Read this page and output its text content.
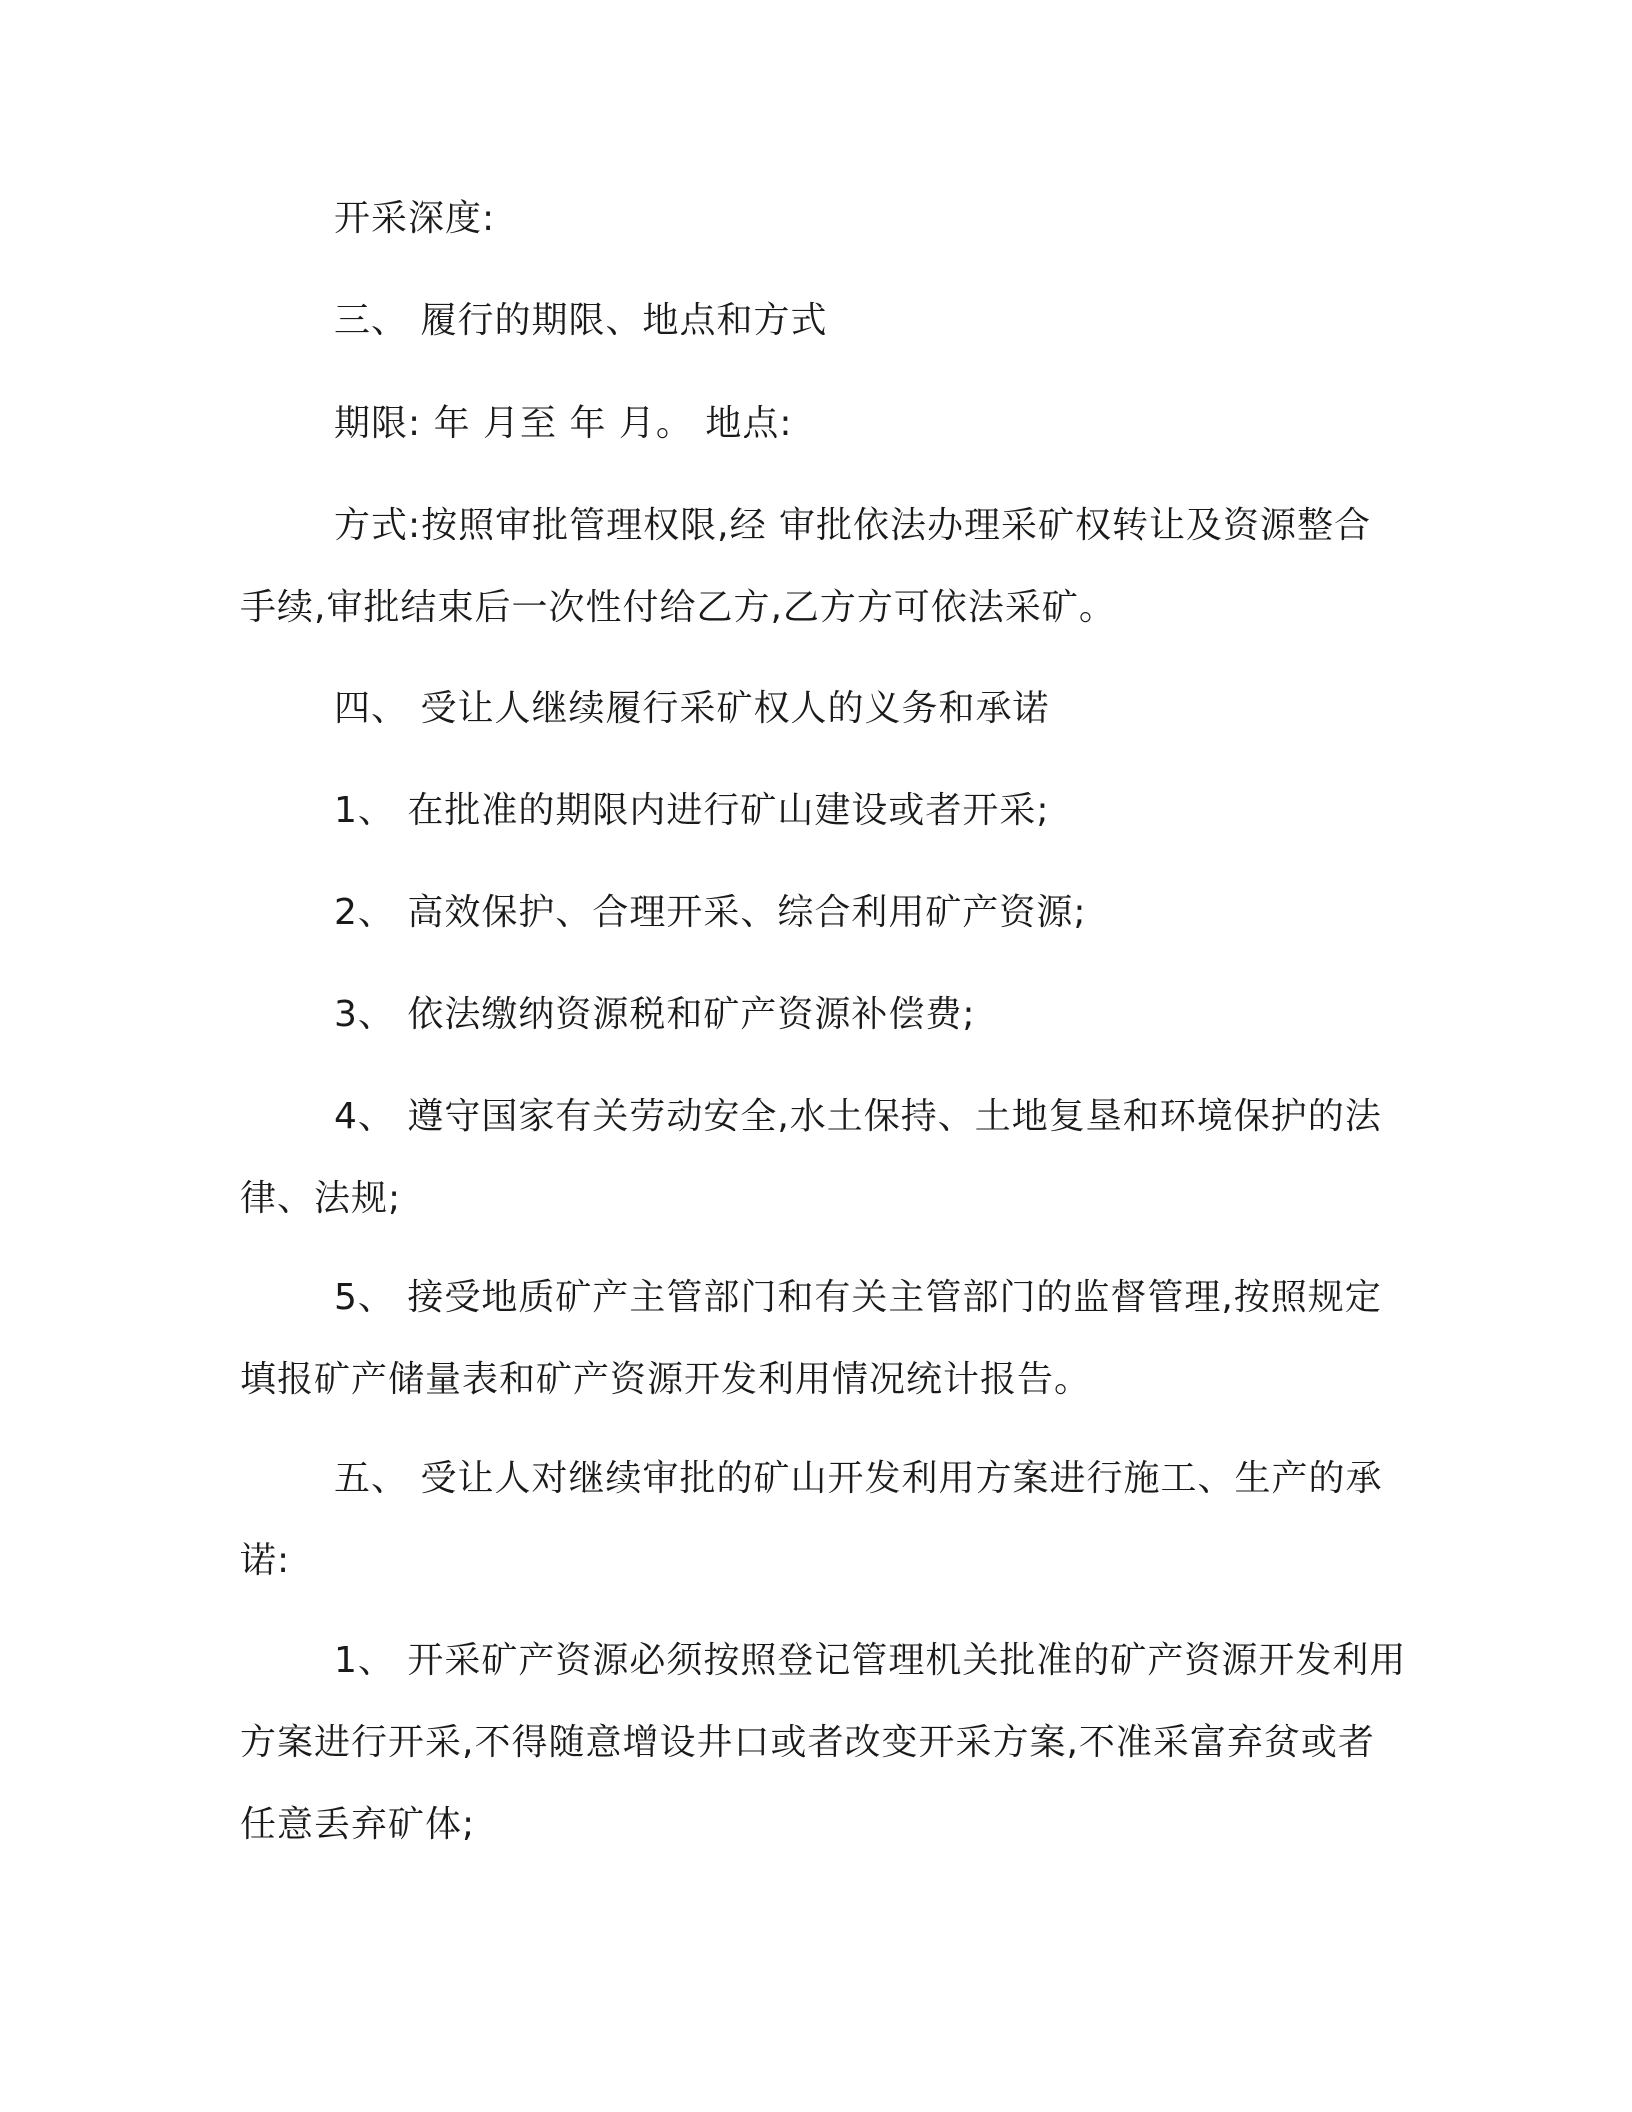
开采深度:

三、 履行的期限、地点和方式

期限: 年 月至 年 月。 地点:

方式:按照审批管理权限,经 审批依法办理采矿权转让及资源整合手续,审批结束后一次性付给乙方,乙方方可依法采矿。

四、 受让人继续履行采矿权人的义务和承诺

1、 在批准的期限内进行矿山建设或者开采;

2、 高效保护、合理开采、综合利用矿产资源;

3、 依法缴纳资源税和矿产资源补偿费;

4、 遵守国家有关劳动安全,水土保持、土地复垦和环境保护的法律、法规;

5、 接受地质矿产主管部门和有关主管部门的监督管理,按照规定填报矿产储量表和矿产资源开发利用情况统计报告。

五、 受让人对继续审批的矿山开发利用方案进行施工、生产的承诺:

1、 开采矿产资源必须按照登记管理机关批准的矿产资源开发利用方案进行开采,不得随意增设井口或者改变开采方案,不准采富弃贫或者任意丢弃矿体;
